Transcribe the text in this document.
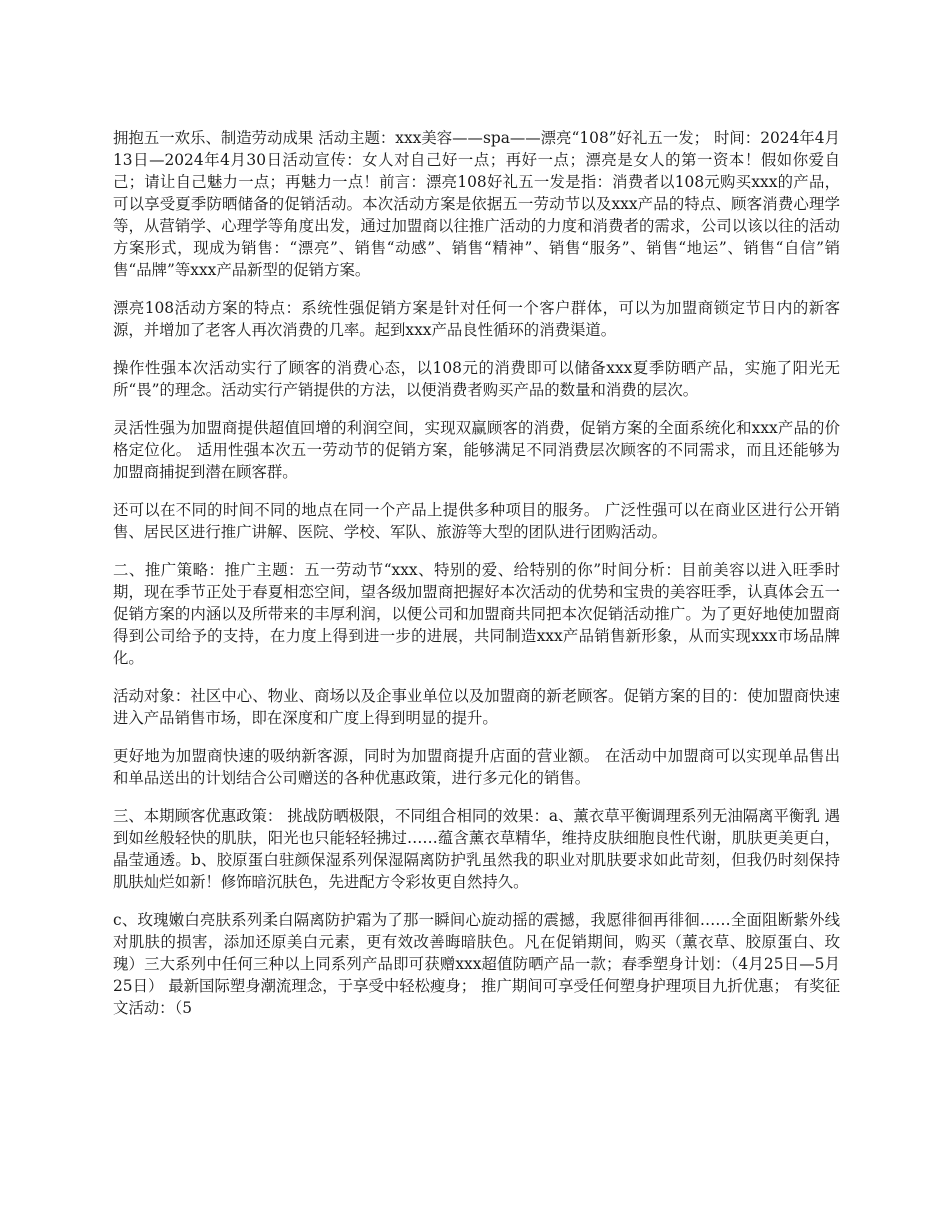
拥抱五一欢乐、制造劳动成果 活动主题：xxx美容——spa——漂亮“108”好礼五一发； 时间：2024年4月13日—2024年4月30日活动宣传：女人对自己好一点；再好一点；漂亮是女人的第一资本！假如你爱自己；请让自己魅力一点；再魅力一点！前言：漂亮108好礼五一发是指：消费者以108元购买xxx的产品，可以享受夏季防晒储备的促销活动。本次活动方案是依据五一劳动节以及xxx产品的特点、顾客消费心理学等，从营销学、心理学等角度出发，通过加盟商以往推广活动的力度和消费者的需求，公司以该以往的活动方案形式，现成为销售：“漂亮”、销售“动感”、销售“精神”、销售“服务”、销售“地运”、销售“自信”销售“品牌”等xxx产品新型的促销方案。

漂亮108活动方案的特点：系统性强促销方案是针对任何一个客户群体，可以为加盟商锁定节日内的新客源，并增加了老客人再次消费的几率。起到xxx产品良性循环的消费渠道。

操作性强本次活动实行了顾客的消费心态，以108元的消费即可以储备xxx夏季防晒产品，实施了阳光无所“畏”的理念。活动实行产销提供的方法，以便消费者购买产品的数量和消费的层次。

灵活性强为加盟商提供超值回增的利润空间，实现双赢顾客的消费，促销方案的全面系统化和xxx产品的价格定位化。 适用性强本次五一劳动节的促销方案，能够满足不同消费层次顾客的不同需求，而且还能够为加盟商捕捉到潜在顾客群。

还可以在不同的时间不同的地点在同一个产品上提供多种项目的服务。 广泛性强可以在商业区进行公开销售、居民区进行推广讲解、医院、学校、军队、旅游等大型的团队进行团购活动。

二、推广策略：推广主题：五一劳动节“xxx、特别的爱、给特别的你”时间分析：目前美容以进入旺季时期，现在季节正处于春夏相恋空间，望各级加盟商把握好本次活动的优势和宝贵的美容旺季，认真体会五一促销方案的内涵以及所带来的丰厚利润，以便公司和加盟商共同把本次促销活动推广。为了更好地使加盟商得到公司给予的支持，在力度上得到进一步的进展，共同制造xxx产品销售新形象，从而实现xxx市场品牌化。

活动对象：社区中心、物业、商场以及企事业单位以及加盟商的新老顾客。促销方案的目的：使加盟商快速进入产品销售市场，即在深度和广度上得到明显的提升。

更好地为加盟商快速的吸纳新客源，同时为加盟商提升店面的营业额。 在活动中加盟商可以实现单品售出和单品送出的计划结合公司赠送的各种优惠政策，进行多元化的销售。

三、本期顾客优惠政策： 挑战防晒极限，不同组合相同的效果：a、薰衣草平衡调理系列无油隔离平衡乳 遇到如丝般轻快的肌肤，阳光也只能轻轻拂过……蕴含薰衣草精华，维持皮肤细胞良性代谢，肌肤更美更白，晶莹通透。b、胶原蛋白驻颜保湿系列保湿隔离防护乳虽然我的职业对肌肤要求如此苛刻，但我仍时刻保持肌肤灿烂如新！修饰暗沉肤色，先进配方令彩妆更自然持久。

c、玫瑰嫩白亮肤系列柔白隔离防护霜为了那一瞬间心旋动摇的震撼，我愿徘徊再徘徊……全面阻断紫外线对肌肤的损害，添加还原美白元素，更有效改善晦暗肤色。凡在促销期间，购买（薰衣草、胶原蛋白、玫瑰）三大系列中任何三种以上同系列产品即可获赠xxx超值防晒产品一款；春季塑身计划：（4月25日—5月25日） 最新国际塑身潮流理念，于享受中轻松瘦身； 推广期间可享受任何塑身护理项目九折优惠； 有奖征文活动：（5
